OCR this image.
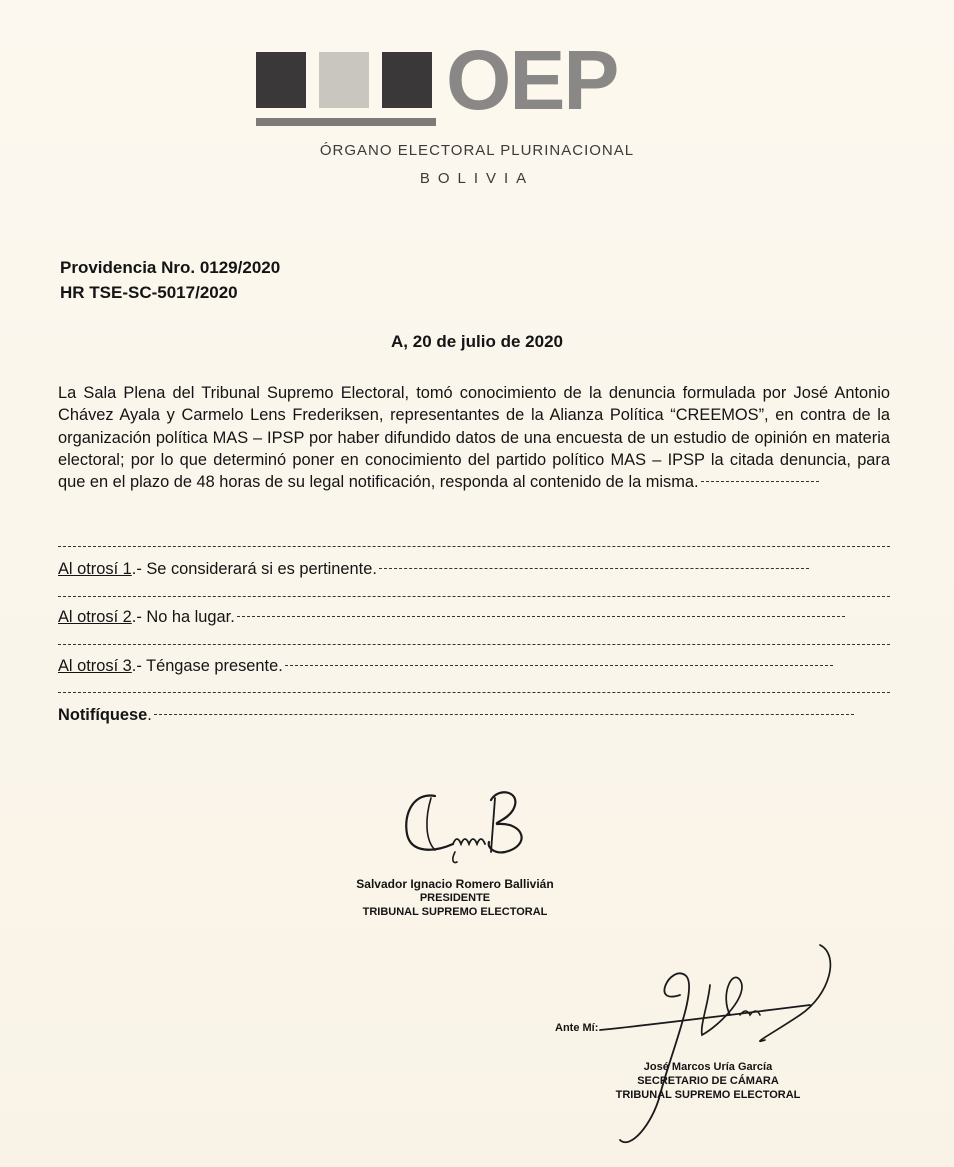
OEP
ÓRGANO ELECTORAL PLURINACIONAL
BOLIVIA
Providencia Nro. 0129/2020
HR TSE-SC-5017/2020
A, 20 de julio de 2020
La Sala Plena del Tribunal Supremo Electoral, tomó conocimiento de la denuncia formulada por José Antonio Chávez Ayala y Carmelo Lens Frederiksen, representantes de la Alianza Política “CREEMOS”, en contra de la organización política MAS – IPSP por haber difundido datos de una encuesta de un estudio de opinión en materia electoral; por lo que determinó poner en conocimiento del partido político MAS – IPSP la citada denuncia, para que en el plazo de 48 horas de su legal notificación, responda al contenido de la misma.
Al otrosí 1.- Se considerará si es pertinente.
Al otrosí 2.- No ha lugar.
Al otrosí 3.- Téngase presente.
Notifíquese.
Salvador Ignacio Romero Ballivián
PRESIDENTE
TRIBUNAL SUPREMO ELECTORAL
Ante Mí:
José Marcos Uría García
SECRETARIO DE CÁMARA
TRIBUNAL SUPREMO ELECTORAL
